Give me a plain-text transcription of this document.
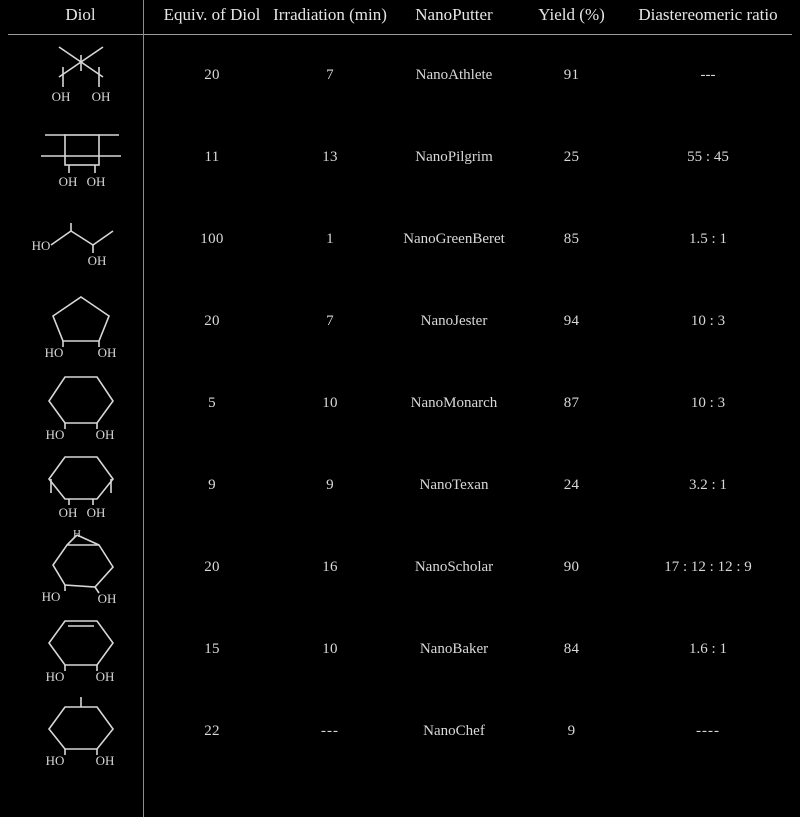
Diol	Equiv. of Diol	Irradiation (min)	NanoPutter	Yield (%)	Diastereomeric ratio

OH OH	20	7	NanoAthlete	91	---

OH OH	11	13	NanoPilgrim	25	55 : 45

HO
OH	100	1	NanoGreenBeret	85	1.5 : 1

HO OH	20	7	NanoJester	94	10 : 3

HO OH	5	10	NanoMonarch	87	10 : 3

OH OH	9	9	NanoTexan	24	3.2 : 1

H
HO OH	20	16	NanoScholar	90	17 : 12 : 12 : 9

HO OH	15	10	NanoBaker	84	1.6 : 1

HO OH	22	---	NanoChef	9	----
